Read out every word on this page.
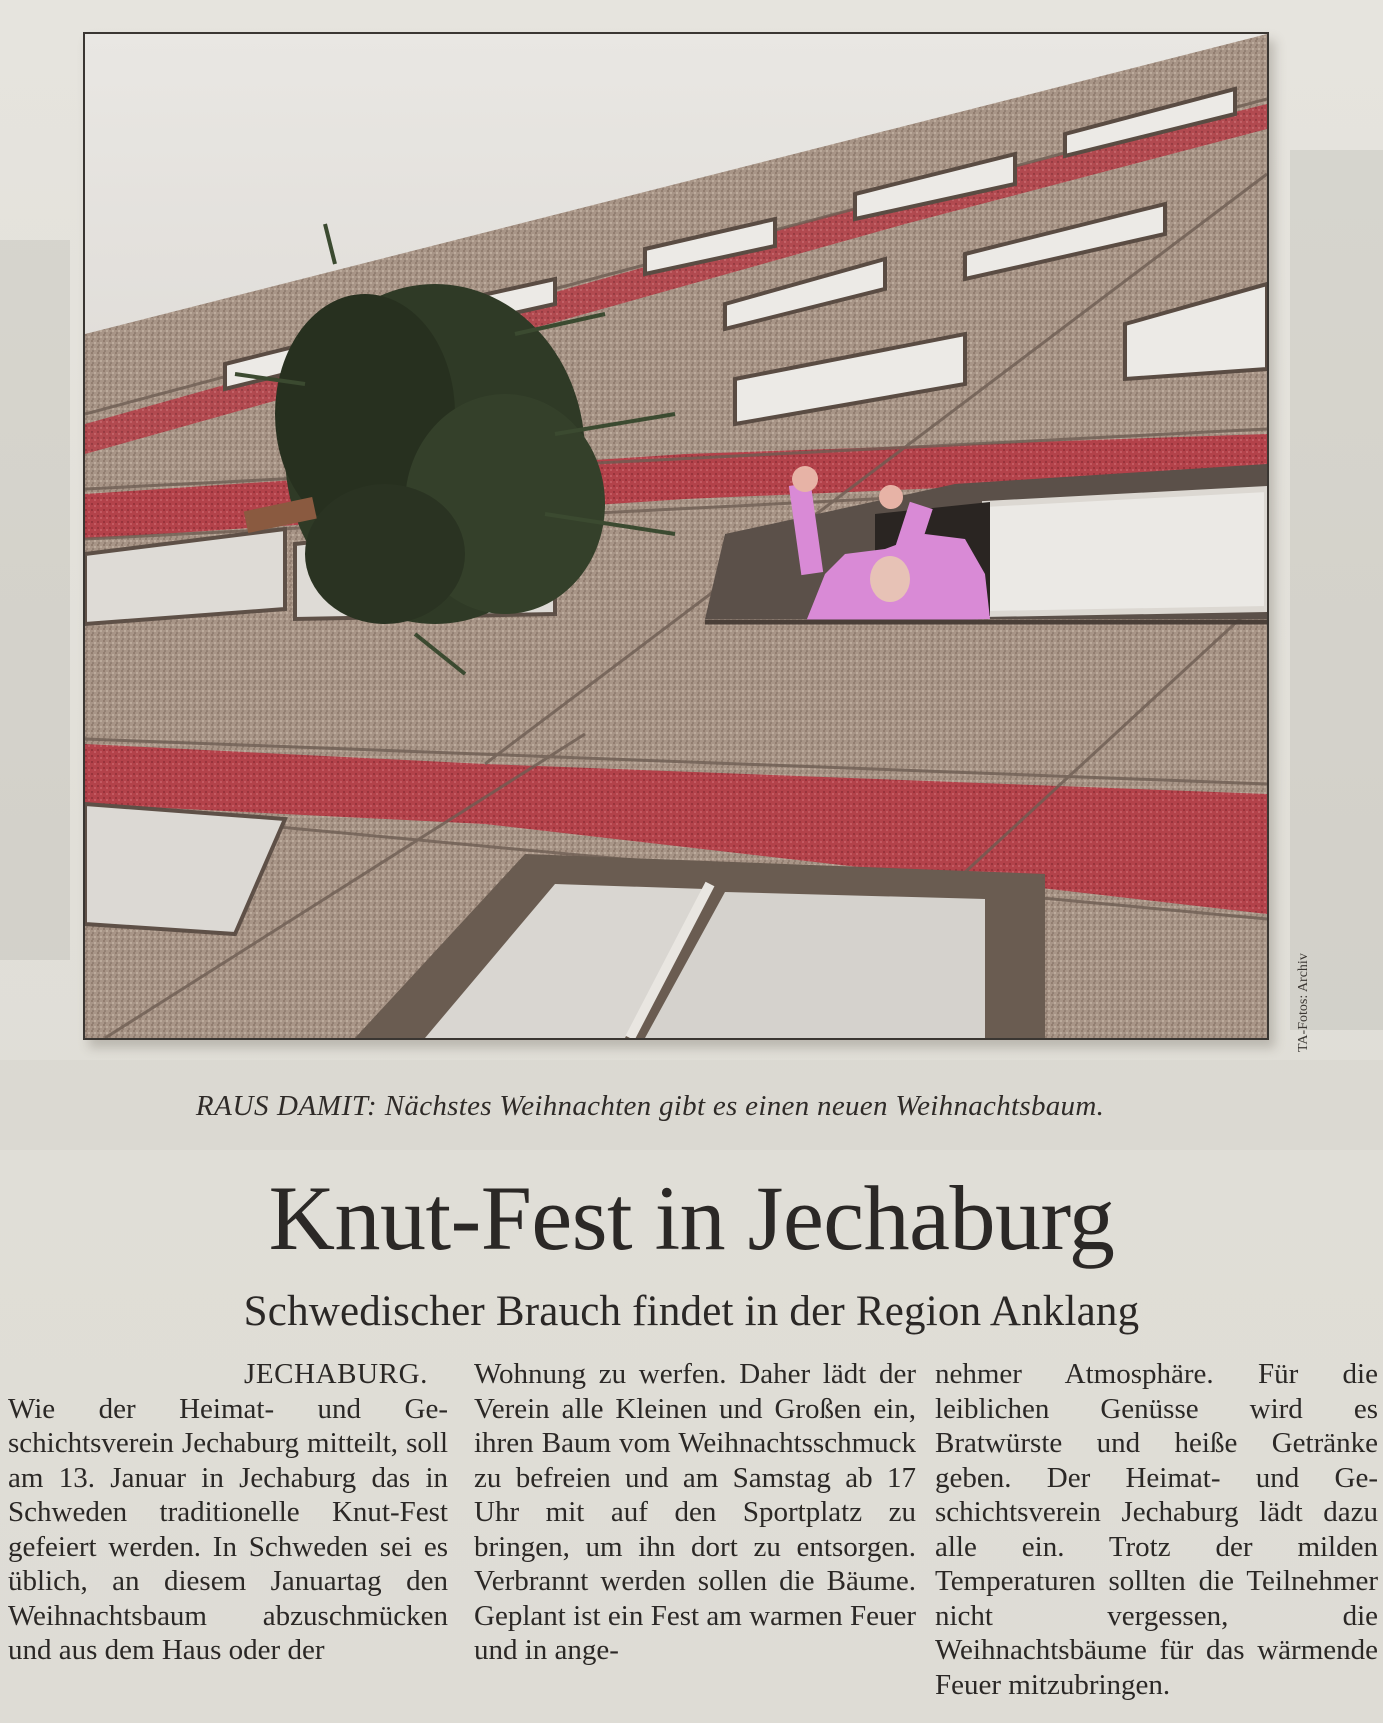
TA-Fotos: Archiv
RAUS DAMIT: Nächstes Weihnachten gibt es einen neuen Weihnachtsbaum.
Knut-Fest in Jechaburg
Schwedischer Brauch findet in der Region Anklang
JECHABURG.

Wie der Heimat- und Geschichtsverein Jechaburg mitteilt, soll am 13. Januar in Jechaburg das in Schweden traditionelle Knut-Fest gefeiert werden. In Schweden sei es üblich, an diesem Januartag den Weihnachtsbaum abzuschmücken und aus dem Haus oder der

Wohnung zu werfen. Daher lädt der Verein alle Kleinen und Großen ein, ihren Baum vom Weihnachtsschmuck zu befreien und am Samstag ab 17 Uhr mit auf den Sportplatz zu bringen, um ihn dort zu entsorgen. Verbrannt werden sollen die Bäume. Geplant ist ein Fest am warmen Feuer und in ange-

nehmer Atmosphäre. Für die leiblichen Genüsse wird es Bratwürste und heiße Getränke geben. Der Heimat- und Geschichtsverein Jechaburg lädt dazu alle ein. Trotz der milden Temperaturen sollten die Teilnehmer nicht vergessen, die Weihnachtsbäume für das wärmende Feuer mitzubringen.
